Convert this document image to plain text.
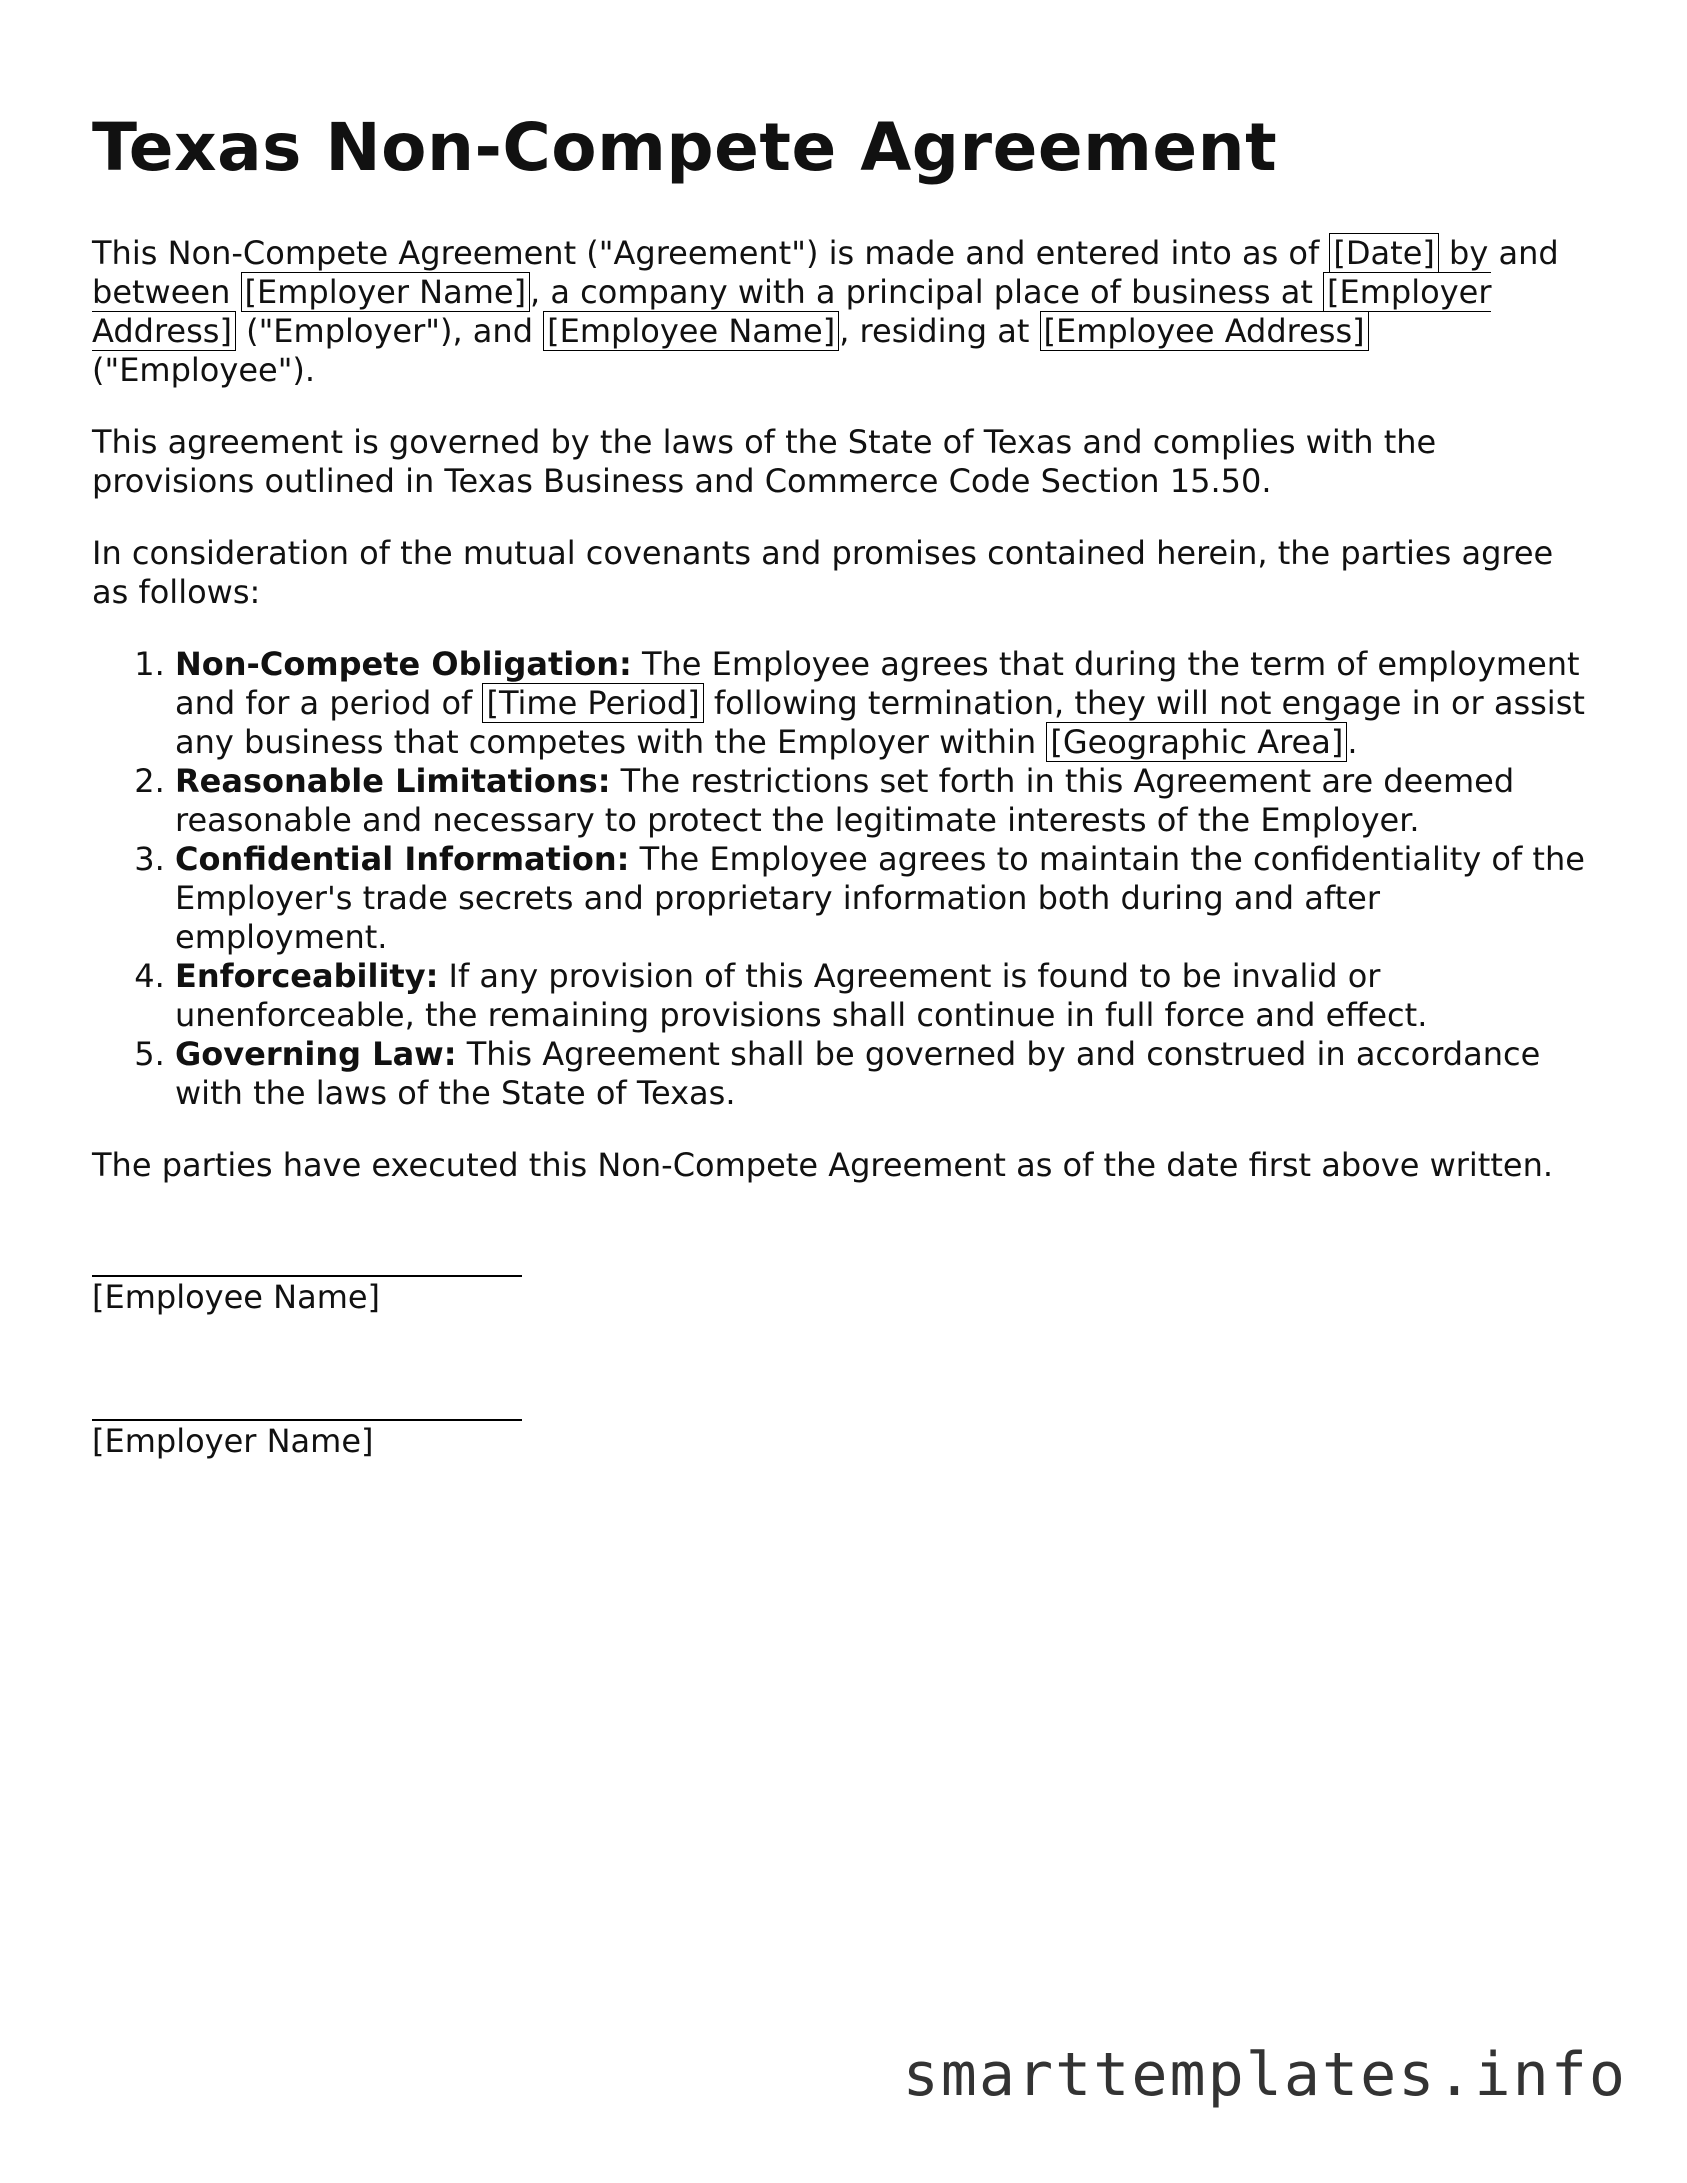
Texas Non-Compete Agreement

This Non-Compete Agreement ("Agreement") is made and entered into as of [Date] by and between [Employer Name] , a company with a principal place of business at [Employer Address] ("Employer"), and [Employee Name] , residing at [Employee Address] ("Employee").

This agreement is governed by the laws of the State of Texas and complies with the provisions outlined in Texas Business and Commerce Code Section 15.50.

In consideration of the mutual covenants and promises contained herein, the parties agree as follows:

1. Non-Compete Obligation: The Employee agrees that during the term of employment and for a period of [Time Period] following termination, they will not engage in or assist any business that competes with the Employer within [Geographic Area] .
2. Reasonable Limitations: The restrictions set forth in this Agreement are deemed reasonable and necessary to protect the legitimate interests of the Employer.
3. Confidential Information: The Employee agrees to maintain the confidentiality of the Employer's trade secrets and proprietary information both during and after employment.
4. Enforceability: If any provision of this Agreement is found to be invalid or unenforceable, the remaining provisions shall continue in full force and effect.
5. Governing Law: This Agreement shall be governed by and construed in accordance with the laws of the State of Texas.

The parties have executed this Non-Compete Agreement as of the date first above written.

[Employee Name]
[Employer Name]
smarttemplates.info
